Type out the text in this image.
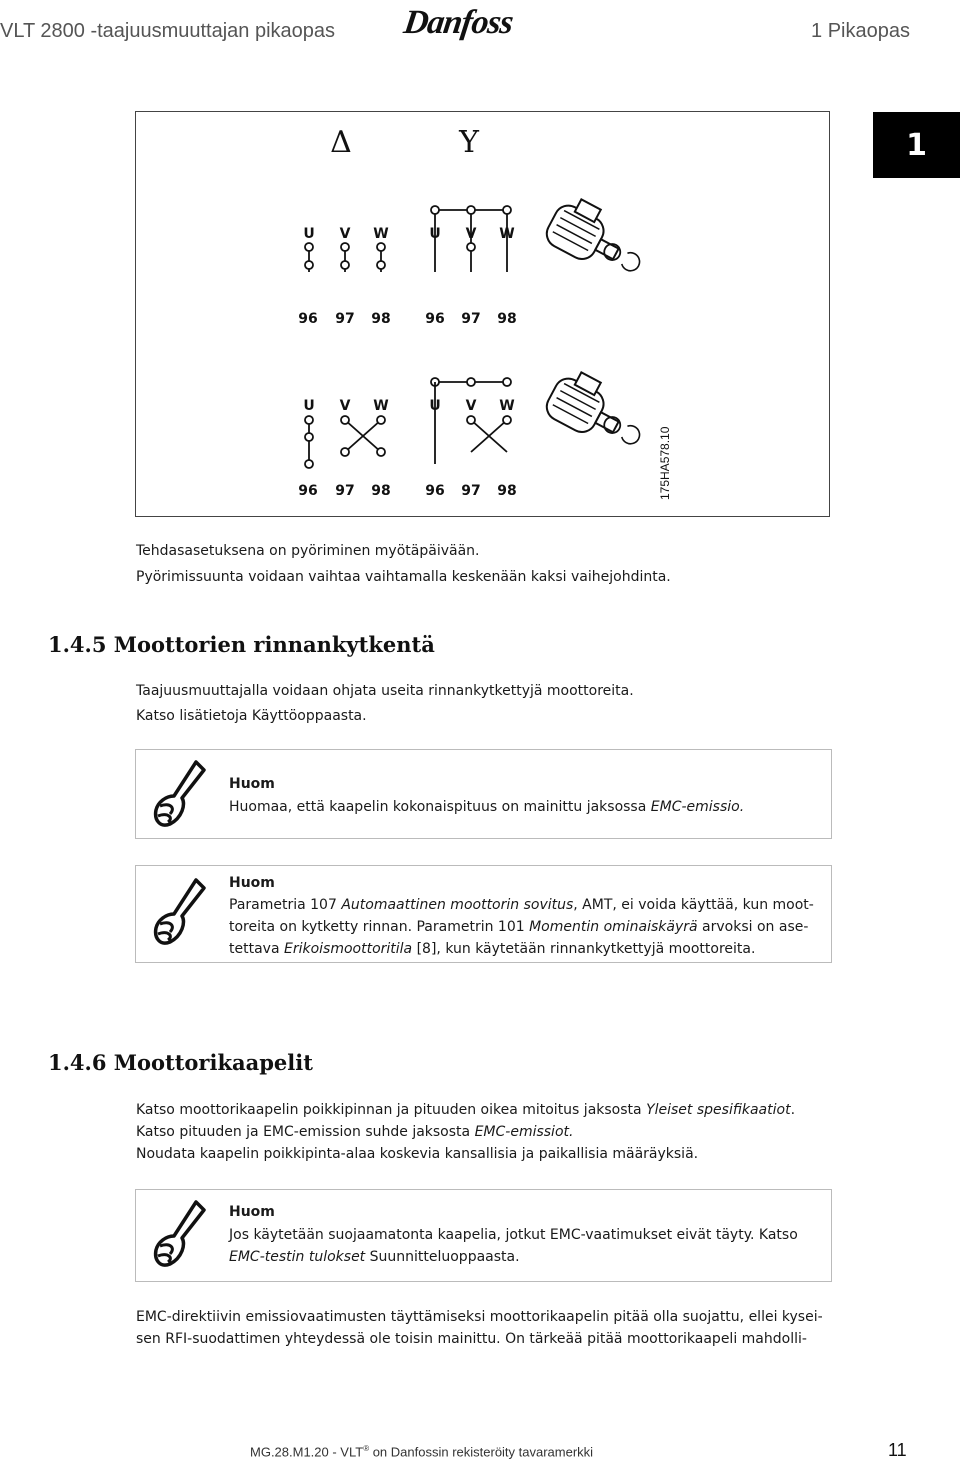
VLT 2800 -taajuusmuuttajan pikaopas Danfoss	1 Pikaopas
1
Δ	Y
U V W	U V W
U V W	U V W
96 97 98 96 97 98
96 97 98 96 97 98	175HA578.10
Tehdasasetuksena on pyöriminen myötäpäivään.
Pyörimissuunta voidaan vaihtaa vaihtamalla keskenään kaksi vaihejohdinta.
1.4.5 Moottorien rinnankytkentä
Taajuusmuuttajalla voidaan ohjata useita rinnankytkettyjä moottoreita.
Katso lisätietoja Käyttöoppaasta.
Huom
Huomaa, että kaapelin kokonaispituus on mainittu jaksossa EMC-emissio.
Huom
Parametria 107 Automaattinen moottorin sovitus, AMT, ei voida käyttää, kun moot-
toreita on kytketty rinnan. Parametrin 101 Momentin ominaiskäyrä arvoksi on ase-
tettava Erikoismoottoritila [8], kun käytetään rinnankytkettyjä moottoreita.
1.4.6 Moottorikaapelit
Katso moottorikaapelin poikkipinnan ja pituuden oikea mitoitus jaksosta Yleiset spesifikaatiot.
Katso pituuden ja EMC-emission suhde jaksosta EMC-emissiot.
Noudata kaapelin poikkipinta-alaa koskevia kansallisia ja paikallisia määräyksiä.
Huom
Jos käytetään suojaamatonta kaapelia, jotkut EMC-vaatimukset eivät täyty. Katso
EMC-testin tulokset Suunnitteluoppaasta.
EMC-direktiivin emissiovaatimusten täyttämiseksi moottorikaapelin pitää olla suojattu, ellei kysei-
sen RFI-suodattimen yhteydessä ole toisin mainittu. On tärkeää pitää moottorikaapeli mahdolli-
MG.28.M1.20 - VLT® on Danfossin rekisteröity tavaramerkki	11
